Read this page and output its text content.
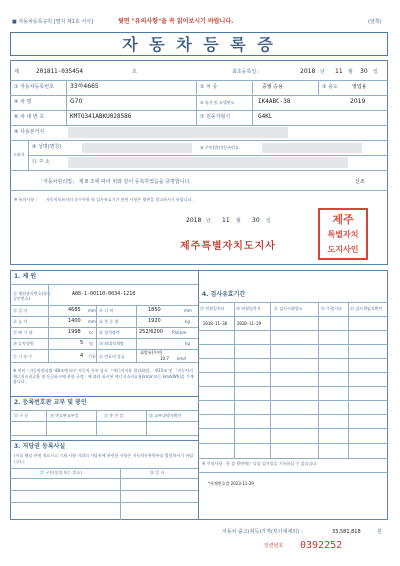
■ 자동차등록규칙 [별지 제1호 서식]	뒷면 "유의사항"을 꼭 읽어보시기 바랍니다.	(앞쪽)
자 동 차 등 록 증
제	201811-035454	호	최초등록일 :	2018 년 11 월 30 일
① 자동차등록번호	33하4665	② 차 종	중형 승용	③ 용도	영업용
④ 차 명	G70	⑤ 형식 및 모델연도	IK4ABC-38	2019
⑥ 차 대 번 호	KMTG341ABKU028586	⑦ 원동기형식	G4KL
⑧ 사용본거지
소유자
⑨ 성명(명칭)	⑩ 주민(법인)등록번호
⑪ 주 소
「자동차관리법」 제 8 조에 따라 위와 같이 등록하였음을 증명합니다.	신조
※ 유의사항 : 자동차보유자의 준수사항 및 검사유효기간 관련 사항은 뒷면을 참고하시기 바랍니다.
2018 년 11 월 30 일
제주특별자치도지사
제주
특별자치
도지사인
1. 제 원
⑫ 제원관리번호(형식승인번호)
A08-1-00110-0034-1218
⑬ 길 이	4685 mm ⑭ 너 비	1850	mm
⑮ 높 이	1400 mm ⑯ 총 중 량	1920	kg
⑰ 배 기 량	1998 cc ⑱ 정격출력	252/6200 PS/rpm
⑲ 승차정원	5 명 ⑳ 최대적재량	kg
㉑ 기 통 수	4 기통 ㉒ 연료의 종류
휘발유(무연)
10.7 km/ℓ
※ 연비 : 자동차관리법 제8조에 따른 자동차 등록 당시 「에너지이용 합리화법」 제15조 및 「자동차의 에너지소비효율 및 등급표시에 관한 규정」에 따라 표시된 에너지소비효율(km/ℓ 또는 km/kWh)을 기재합니다.
2. 등록번호판 교부 및 봉인
㉓ 구 분	㉔ 번호판교부일	㉕ 봉 인 일	㉖ 교부대행자확인
3. 저당권 등록사실
(이를 해당 란에 적으시고 기재 사항 이외의 저당권에 관련한 사항은 자동차등록원부를 열람하시기 바랍니다.)
㉗ 구분(설정 또는 말소)	㉘ 일 자
4. 검사유효기간
㉙ 연월일부터	㉚ 연월일까지	㉛ 검사시행장소	㉜ 주행거리 ㉝ 검사책임자확인
2018-11-30 2020-11-29
※ 주의사항 : 한 장 뒷면에는 다음 검사일을 기록하실 수 있습니다.
*자체번호발 2023-11-29
자동차 출고(취득)가격(부가세제외) :	33,581,818	원
일련번호 0392252
